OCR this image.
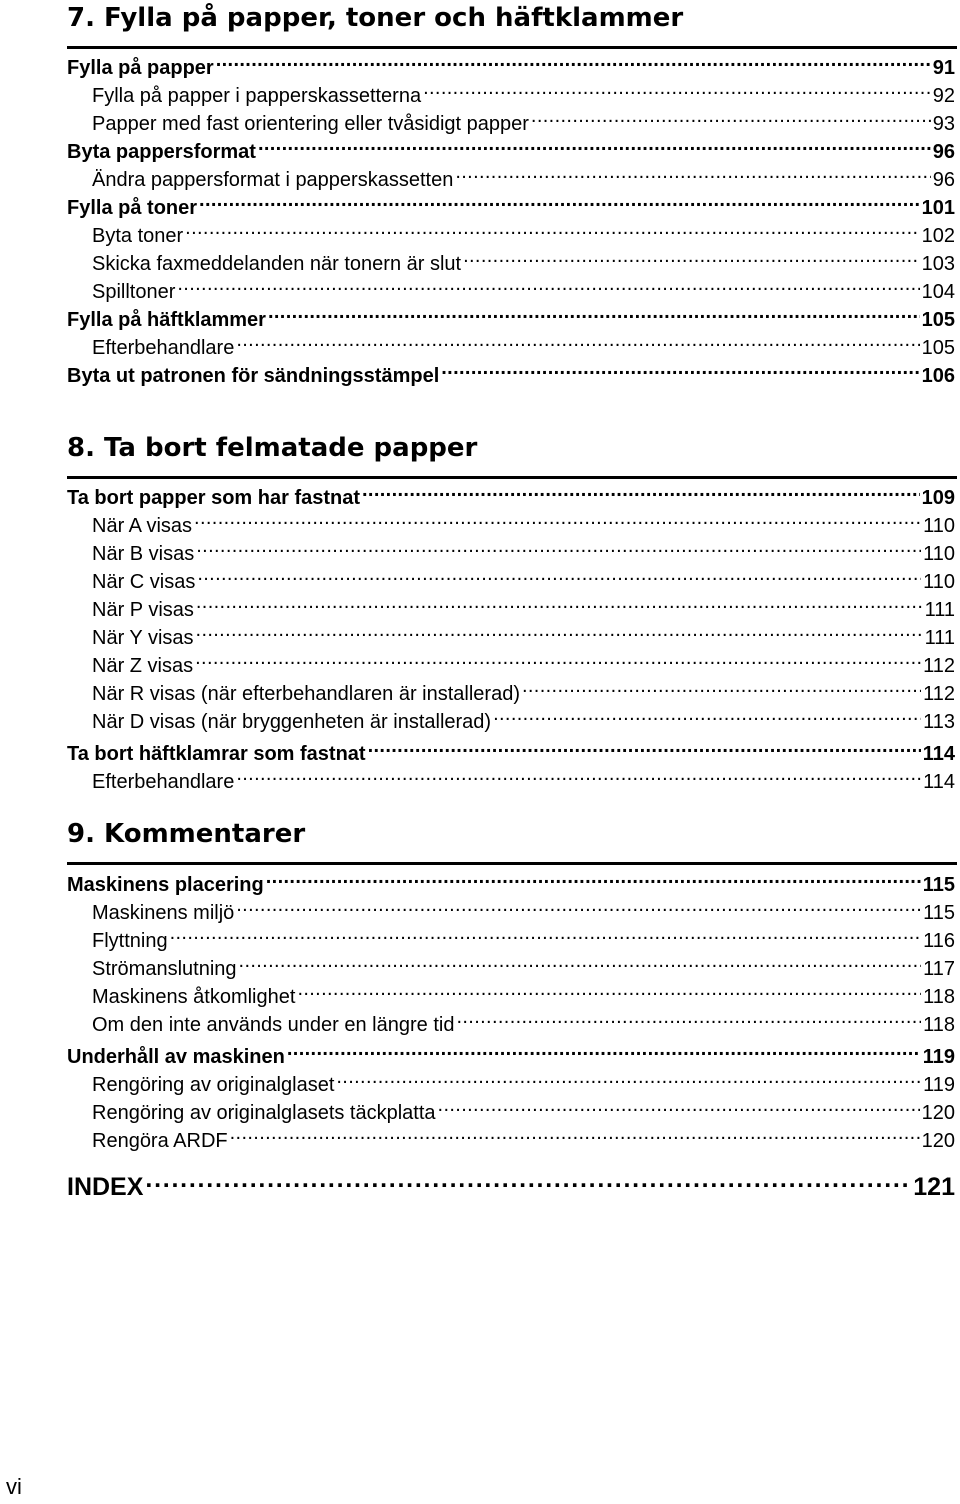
7. Fylla på papper, toner och häftklammer
Fylla på papper . . .	91
Fylla på papper i papperskassetterna . . .	92
Papper med fast orientering eller tvåsidigt papper . . .	93
Byta pappersformat . . .	96
Ändra pappersformat i papperskassetten . . .	96
Fylla på toner . . .	101
Byta toner . . .	102
Skicka faxmeddelanden när tonern är slut . . .	103
Spilltoner . . .	104
Fylla på häftklammer . . .	105
Efterbehandlare . . .	105
Byta ut patronen för sändningsstämpel . . .	106
8. Ta bort felmatade papper
Ta bort papper som har fastnat . . .	109
När A visas . . .	110
När B visas . . .	110
När C visas . . .	110
När P visas . . .	111
När Y visas . . .	111
När Z visas . . .	112
När R visas (när efterbehandlaren är installerad) . . .	112
När D visas (när bryggenheten är installerad) . . .	113
Ta bort häftklamrar som fastnat . . .	114
Efterbehandlare . . .	114
9. Kommentarer
Maskinens placering . . .	115
Maskinens miljö . . .	115
Flyttning . . .	116
Strömanslutning . . .	117
Maskinens åtkomlighet . . .	118
Om den inte används under en längre tid . . .	118
Underhåll av maskinen . . .	119
Rengöring av originalglaset . . .	119
Rengöring av originalglasets täckplatta . . .	120
Rengöra ARDF . . .	120
INDEX . . .	121
vi
